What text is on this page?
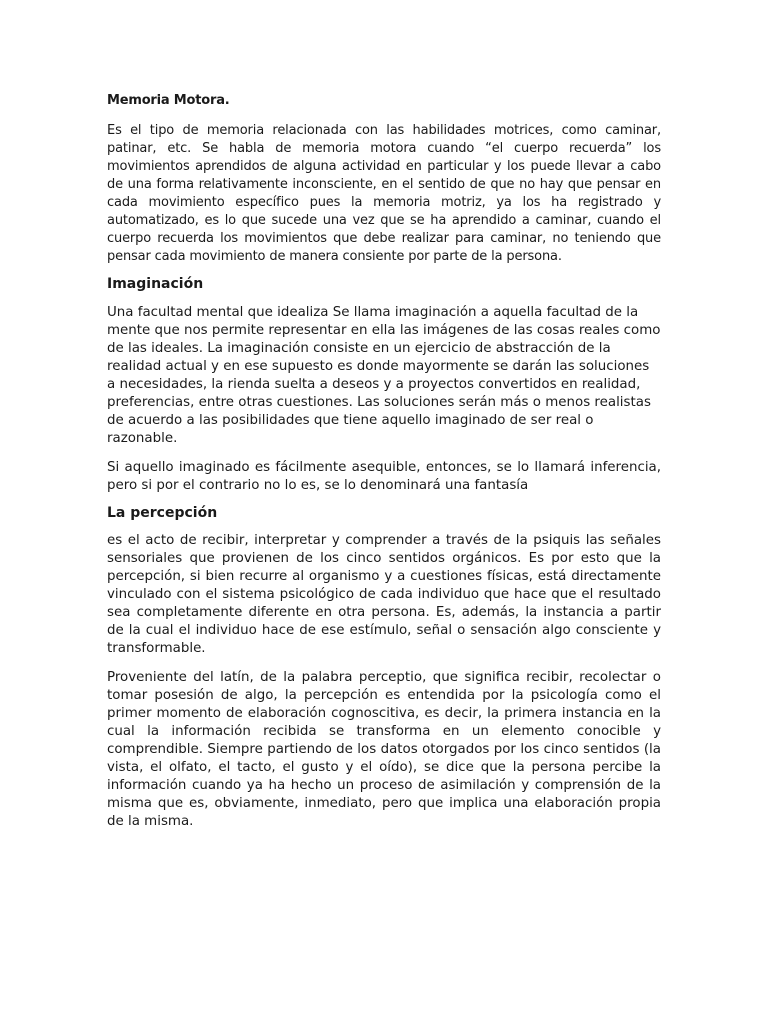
Memoria Motora.

Es el tipo de memoria relacionada con las habilidades motrices, como caminar, patinar, etc. Se habla de memoria motora cuando “el cuerpo recuerda” los movimientos aprendidos de alguna actividad en particular y los puede llevar a cabo de una forma relativamente inconsciente, en el sentido de que no hay que pensar en cada movimiento específico pues la memoria motriz, ya los ha registrado y automatizado, es lo que sucede una vez que se ha aprendido a caminar, cuando el cuerpo recuerda los movimientos que debe realizar para caminar, no teniendo que pensar cada movimiento de manera consiente por parte de la persona.

Imaginación

Una facultad mental que idealiza Se llama imaginación a aquella facultad de la mente que nos permite representar en ella las imágenes de las cosas reales como de las ideales. La imaginación consiste en un ejercicio de abstracción de la realidad actual y en ese supuesto es donde mayormente se darán las soluciones a necesidades, la rienda suelta a deseos y a proyectos convertidos en realidad, preferencias, entre otras cuestiones. Las soluciones serán más o menos realistas de acuerdo a las posibilidades que tiene aquello imaginado de ser real o razonable.

Si aquello imaginado es fácilmente asequible, entonces, se lo llamará inferencia, pero si por el contrario no lo es, se lo denominará una fantasía

La percepción

es el acto de recibir, interpretar y comprender a través de la psiquis las señales sensoriales que provienen de los cinco sentidos orgánicos. Es por esto que la percepción, si bien recurre al organismo y a cuestiones físicas, está directamente vinculado con el sistema psicológico de cada individuo que hace que el resultado sea completamente diferente en otra persona. Es, además, la instancia a partir de la cual el individuo hace de ese estímulo, señal o sensación algo consciente y transformable.

Proveniente del latín, de la palabra perceptio, que significa recibir, recolectar o tomar posesión de algo, la percepción es entendida por la psicología como el primer momento de elaboración cognoscitiva, es decir, la primera instancia en la cual la información recibida se transforma en un elemento conocible y comprendible. Siempre partiendo de los datos otorgados por los cinco sentidos (la vista, el olfato, el tacto, el gusto y el oído), se dice que la persona percibe la información cuando ya ha hecho un proceso de asimilación y comprensión de la misma que es, obviamente, inmediato, pero que implica una elaboración propia de la misma.
